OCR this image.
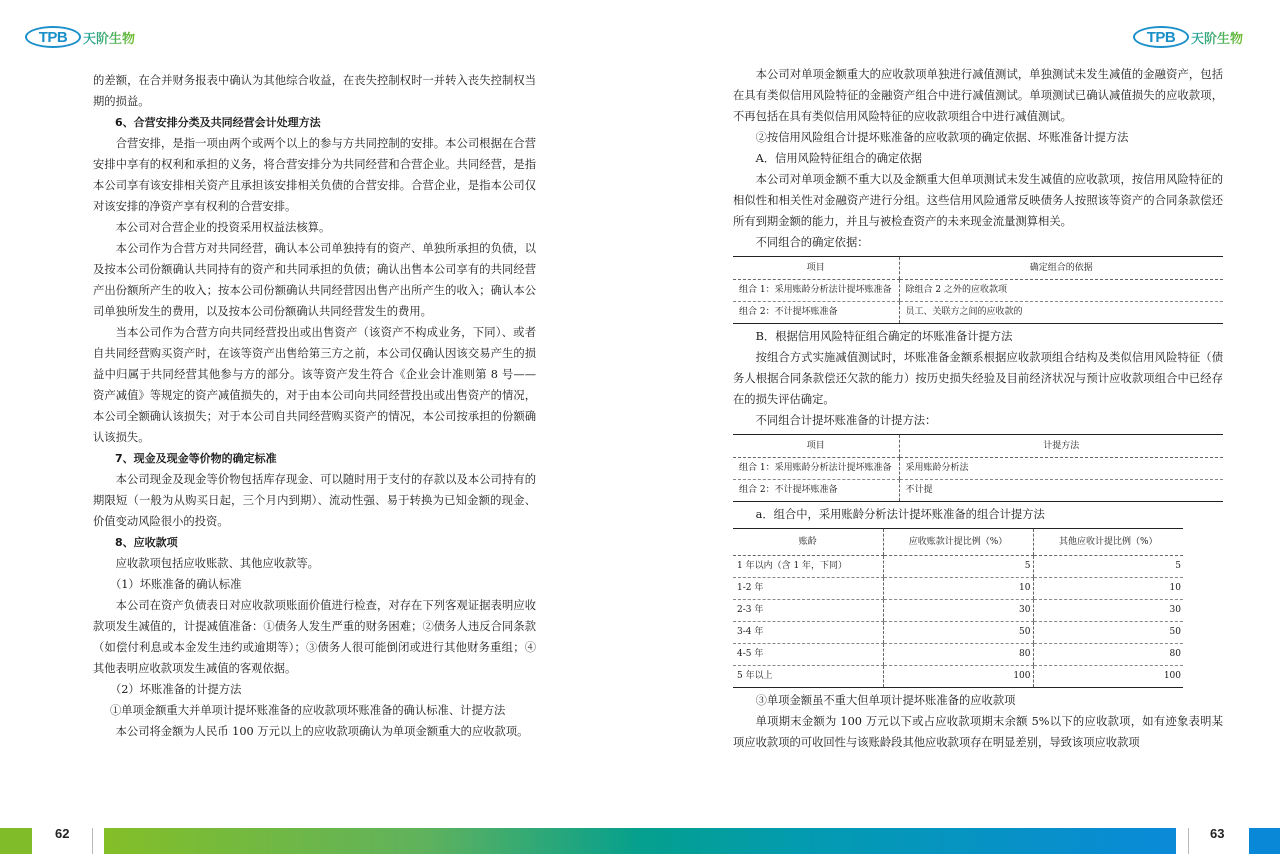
TPB	天阶生物
的差额，在合并财务报表中确认为其他综合收益，在丧失控制权时一并转入丧失控制权当期的损益。
6、合营安排分类及共同经营会计处理方法
合营安排，是指一项由两个或两个以上的参与方共同控制的安排。本公司根据在合营安排中享有的权利和承担的义务，将合营安排分为共同经营和合营企业。共同经营，是指本公司享有该安排相关资产且承担该安排相关负债的合营安排。合营企业，是指本公司仅对该安排的净资产享有权利的合营安排。
本公司对合营企业的投资采用权益法核算。
本公司作为合营方对共同经营，确认本公司单独持有的资产、单独所承担的负债，以及按本公司份额确认共同持有的资产和共同承担的负债；确认出售本公司享有的共同经营产出份额所产生的收入；按本公司份额确认共同经营因出售产出所产生的收入；确认本公司单独所发生的费用，以及按本公司份额确认共同经营发生的费用。
当本公司作为合营方向共同经营投出或出售资产（该资产不构成业务，下同）、或者自共同经营购买资产时，在该等资产出售给第三方之前，本公司仅确认因该交易产生的损益中归属于共同经营其他参与方的部分。该等资产发生符合《企业会计准则第 8 号——资产减值》等规定的资产减值损失的，对于由本公司向共同经营投出或出售资产的情况，本公司全额确认该损失；对于本公司自共同经营购买资产的情况，本公司按承担的份额确认该损失。
7、现金及现金等价物的确定标准
本公司现金及现金等价物包括库存现金、可以随时用于支付的存款以及本公司持有的期限短（一般为从购买日起，三个月内到期）、流动性强、易于转换为已知金额的现金、价值变动风险很小的投资。
8、应收款项
应收款项包括应收账款、其他应收款等。
（1）坏账准备的确认标准
本公司在资产负债表日对应收款项账面价值进行检查，对存在下列客观证据表明应收款项发生减值的，计提减值准备：①债务人发生严重的财务困难；②债务人违反合同条款（如偿付利息或本金发生违约或逾期等）；③债务人很可能倒闭或进行其他财务重组；④其他表明应收款项发生减值的客观依据。
（2）坏账准备的计提方法
①单项金额重大并单项计提坏账准备的应收款项坏账准备的确认标准、计提方法
本公司将金额为人民币 100 万元以上的应收款项确认为单项金额重大的应收款项。
TPB	天阶生物
本公司对单项金额重大的应收款项单独进行减值测试，单独测试未发生减值的金融资产，包括在具有类似信用风险特征的金融资产组合中进行减值测试。单项测试已确认减值损失的应收款项，不再包括在具有类似信用风险特征的应收款项组合中进行减值测试。
②按信用风险组合计提坏账准备的应收款项的确定依据、坏账准备计提方法
A．信用风险特征组合的确定依据
本公司对单项金额不重大以及金额重大但单项测试未发生减值的应收款项，按信用风险特征的相似性和相关性对金融资产进行分组。这些信用风险通常反映债务人按照该等资产的合同条款偿还所有到期金额的能力，并且与被检查资产的未来现金流量测算相关。
不同组合的确定依据：
项目	确定组合的依据
组合 1：采用账龄分析法计提坏账准备	除组合 2 之外的应收款项
组合 2：不计提坏账准备	员工、关联方之间的应收款的
B．根据信用风险特征组合确定的坏账准备计提方法
按组合方式实施减值测试时，坏账准备金额系根据应收款项组合结构及类似信用风险特征（债务人根据合同条款偿还欠款的能力）按历史损失经验及目前经济状况与预计应收款项组合中已经存在的损失评估确定。
不同组合计提坏账准备的计提方法：
项目	计提方法
组合 1：采用账龄分析法计提坏账准备	采用账龄分析法
组合 2：不计提坏账准备	不计提
a．组合中，采用账龄分析法计提坏账准备的组合计提方法
账龄	应收账款计提比例（%）	其他应收计提比例（%）
1 年以内（含 1 年，下同）	5	5
1-2 年	10	10
2-3 年	30	30
3-4 年	50	50
4-5 年	80	80
5 年以上	100	100
③单项金额虽不重大但单项计提坏账准备的应收款项
单项期末金额为 100 万元以下或占应收款项期末余额 5%以下的应收款项，如有迹象表明某项应收款项的可收回性与该账龄段其他应收款项存在明显差别，导致该项应收款项
62	63
